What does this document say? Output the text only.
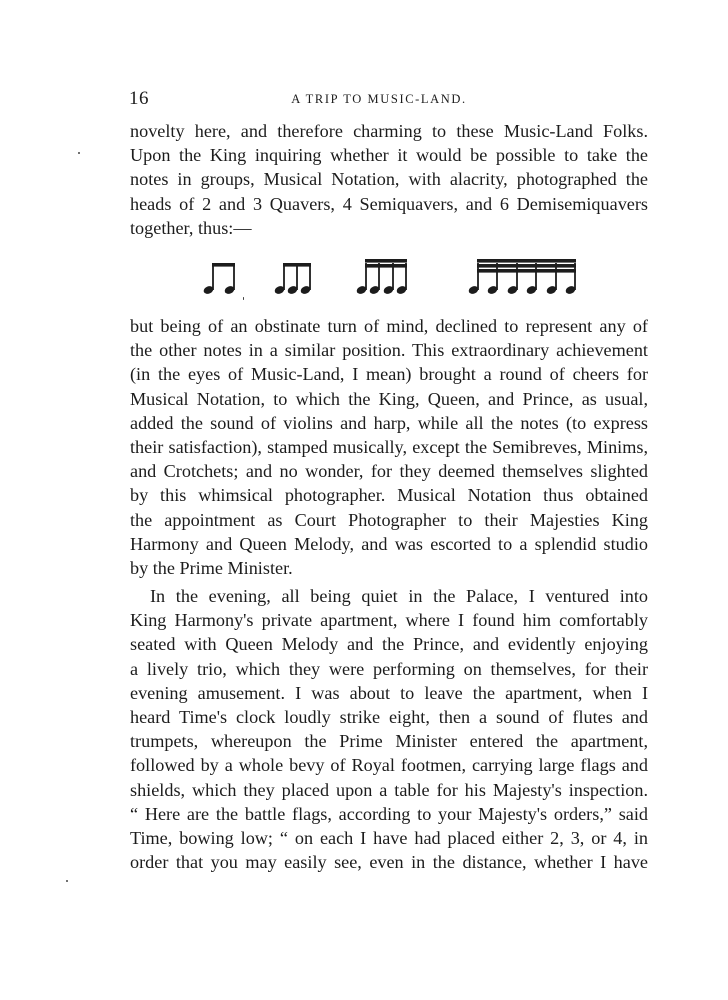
16	A TRIP TO MUSIC-LAND.
novelty here, and therefore charming to these Music-Land Folks.
Upon the King inquiring whether it would be possible to take the
notes in groups, Musical Notation, with alacrity, photographed the
heads of 2 and 3 Quavers, 4 Semiquavers, and 6 Demisemiquavers
together, thus:—
but being of an obstinate turn of mind, declined to represent any of
the other notes in a similar position. This extraordinary achievement
(in the eyes of Music-Land, I mean) brought a round of cheers for
Musical Notation, to which the King, Queen, and Prince, as usual,
added the sound of violins and harp, while all the notes (to express
their satisfaction), stamped musically, except the Semibreves, Minims,
and Crotchets; and no wonder, for they deemed themselves slighted
by this whimsical photographer. Musical Notation thus obtained
the appointment as Court Photographer to their Majesties King
Harmony and Queen Melody, and was escorted to a splendid studio
by the Prime Minister.
In the evening, all being quiet in the Palace, I ventured into
King Harmony's private apartment, where I found him comfortably
seated with Queen Melody and the Prince, and evidently enjoying
a lively trio, which they were performing on themselves, for their
evening amusement. I was about to leave the apartment, when I
heard Time's clock loudly strike eight, then a sound of flutes and
trumpets, whereupon the Prime Minister entered the apartment,
followed by a whole bevy of Royal footmen, carrying large flags and
shields, which they placed upon a table for his Majesty's inspection.
“ Here are the battle flags, according to your Majesty's orders,” said
Time, bowing low; “ on each I have had placed either 2, 3, or 4, in
order that you may easily see, even in the distance, whether I have
